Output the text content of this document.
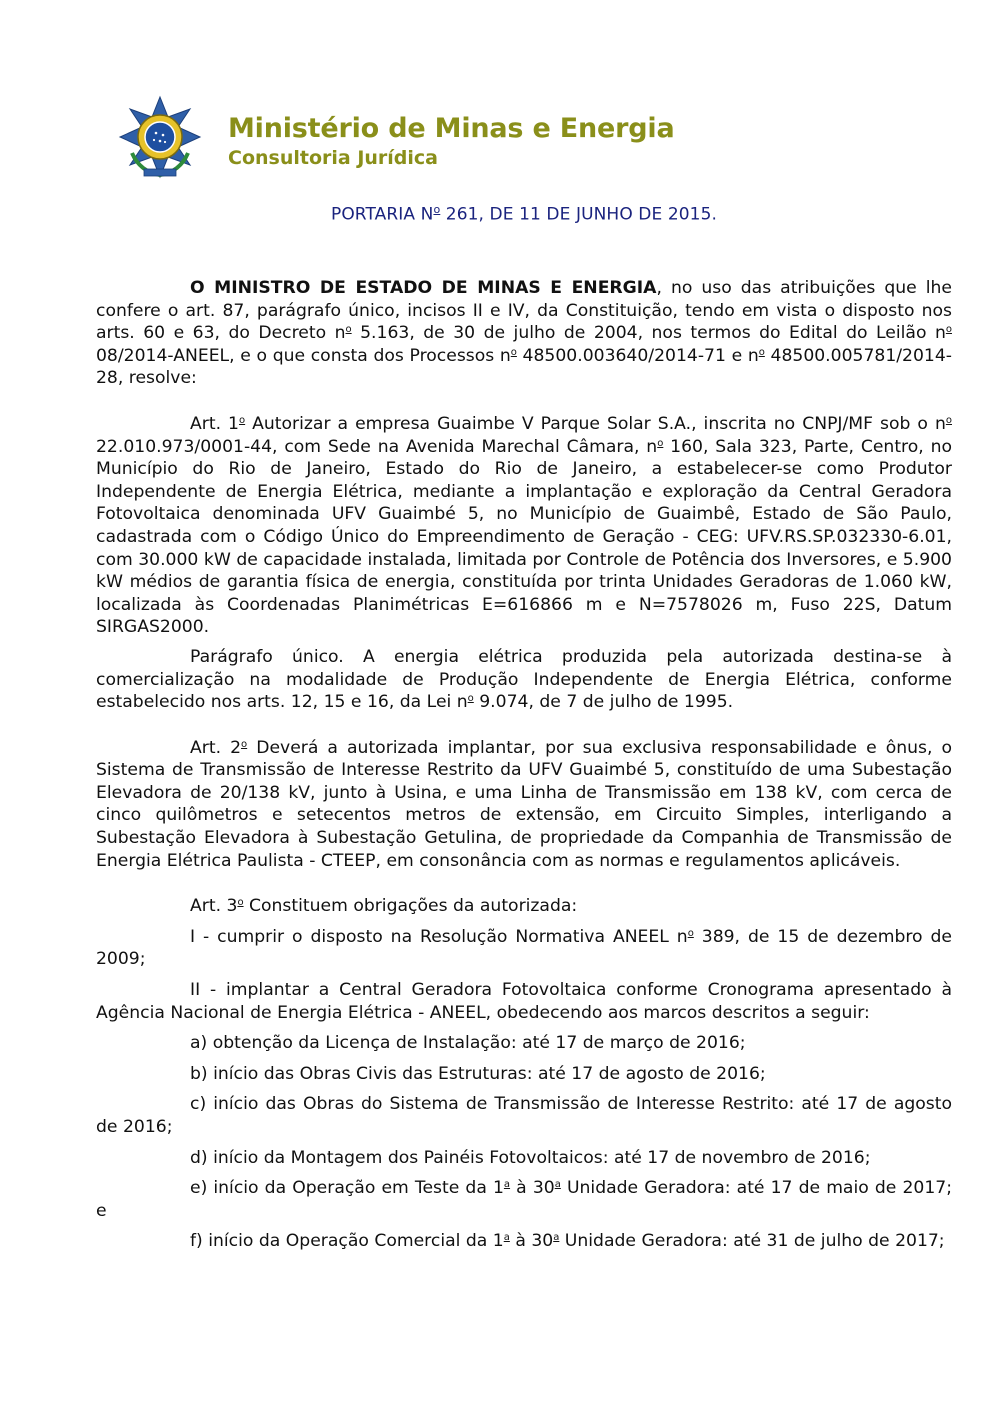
Ministério de Minas e Energia
Consultoria Jurídica
PORTARIA $N^o$ 261, DE 11 DE JUNHO DE 2015.

O MINISTRO DE ESTADO DE MINAS E ENERGIA, no uso das atribuições que lhe confere o art. 87, parágrafo único, incisos II e IV, da Constituição, tendo em vista o disposto nos arts. 60 e 63, do Decreto $n^o$ 5.163, de 30 de julho de 2004, nos termos do Edital do Leilão $n^o$ 08/2014-ANEEL, e o que consta dos Processos $n^o$ 48500.003640/2014-71 e $n^o$ 48500.005781/2014-28, resolve:

Art. 1$^o$ Autorizar a empresa Guaimbe V Parque Solar S.A., inscrita no CNPJ/MF sob o $n^o$ 22.010.973/0001-44, com Sede na Avenida Marechal Câmara, $n^o$ 160, Sala 323, Parte, Centro, no Município do Rio de Janeiro, Estado do Rio de Janeiro, a estabelecer-se como Produtor Independente de Energia Elétrica, mediante a implantação e exploração da Central Geradora Fotovoltaica denominada UFV Guaimbé 5, no Município de Guaimbê, Estado de São Paulo, cadastrada com o Código Único do Empreendimento de Geração - CEG: UFV.RS.SP.032330-6.01, com 30.000 kW de capacidade instalada, limitada por Controle de Potência dos Inversores, e 5.900 kW médios de garantia física de energia, constituída por trinta Unidades Geradoras de 1.060 kW, localizada às Coordenadas Planimétricas E=616866 m e N=7578026 m, Fuso 22S, Datum SIRGAS2000.

Parágrafo único. A energia elétrica produzida pela autorizada destina-se à comercialização na modalidade de Produção Independente de Energia Elétrica, conforme estabelecido nos arts. 12, 15 e 16, da Lei $n^o$ 9.074, de 7 de julho de 1995.

Art. 2$^o$ Deverá a autorizada implantar, por sua exclusiva responsabilidade e ônus, o Sistema de Transmissão de Interesse Restrito da UFV Guaimbé 5, constituído de uma Subestação Elevadora de 20/138 kV, junto à Usina, e uma Linha de Transmissão em 138 kV, com cerca de cinco quilômetros e setecentos metros de extensão, em Circuito Simples, interligando a Subestação Elevadora à Subestação Getulina, de propriedade da Companhia de Transmissão de Energia Elétrica Paulista - CTEEP, em consonância com as normas e regulamentos aplicáveis.

Art. 3$^o$ Constituem obrigações da autorizada:

I - cumprir o disposto na Resolução Normativa ANEEL $n^o$ 389, de 15 de dezembro de 2009;

II - implantar a Central Geradora Fotovoltaica conforme Cronograma apresentado à Agência Nacional de Energia Elétrica - ANEEL, obedecendo aos marcos descritos a seguir:

a) obtenção da Licença de Instalação: até 17 de março de 2016;

b) início das Obras Civis das Estruturas: até 17 de agosto de 2016;

c) início das Obras do Sistema de Transmissão de Interesse Restrito: até 17 de agosto de 2016;

d) início da Montagem dos Painéis Fotovoltaicos: até 17 de novembro de 2016;

e) início da Operação em Teste da 1$^a$ à 30$^a$ Unidade Geradora: até 17 de maio de 2017; e

f) início da Operação Comercial da 1$^a$ à 30$^a$ Unidade Geradora: até 31 de julho de 2017;
